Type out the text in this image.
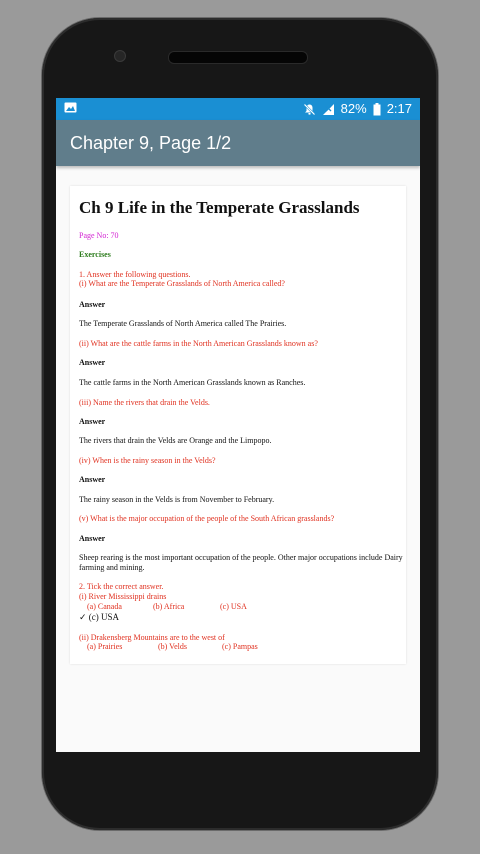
82% 2:17
Chapter 9, Page 1/2
Ch 9 Life in the Temperate Grasslands
Page No: 70
Exercises
1. Answer the following questions.
(i) What are the Temperate Grasslands of North America called?
Answer
The Temperate Grasslands of North America called The Prairies.
(ii) What are the cattle farms in the North American Grasslands known as?
Answer
The cattle farms in the North American Grasslands known as Ranches.
(iii) Name the rivers that drain the Velds.
Answer
The rivers that drain the Velds are Orange and the Limpopo.
(iv) When is the rainy season in the Velds?
Answer
The rainy season in the Velds is from November to February.
(v) What is the major occupation of the people of the South African grasslands?
Answer
Sheep rearing is the most important occupation of the people. Other major occupations include Dairy farming and mining.
2. Tick the correct answer.
(i) River Mississippi drains
(a) Canada	(b) Africa	(c) USA
✓ (c) USA
(ii) Drakensberg Mountains are to the west of
(a) Prairies	(b) Velds	(c) Pampas
